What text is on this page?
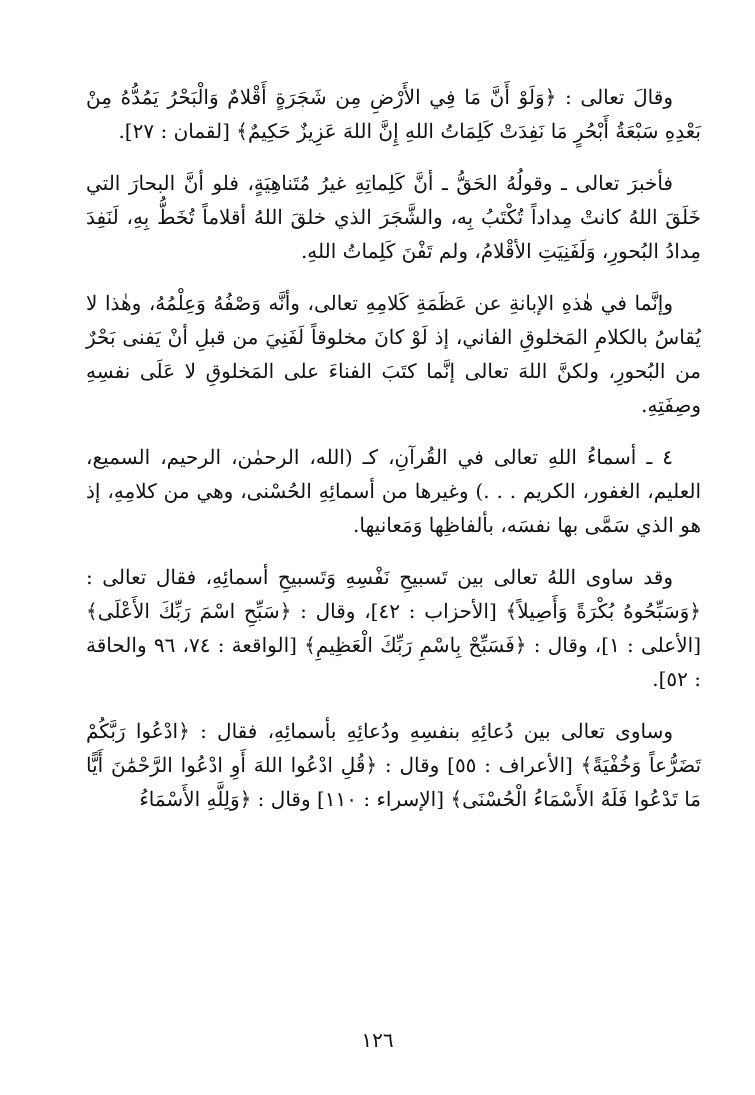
وقالَ تعالى : ﴿وَلَوْ أَنَّ مَا فِي الأَرْضِ مِن شَجَرَةٍ أَقْلامٌ وَالْبَحْرُ يَمُدُّهُ مِنْ بَعْدِهِ سَبْعَةُ أَبْحُرٍ مَا نَفِدَتْ كَلِمَاتُ اللهِ إِنَّ اللهَ عَزِيزٌ حَكِيمٌ﴾ [لقمان : ٢٧].

فأخبرَ تعالى ـ وقولُهُ الحَقُّ ـ أنَّ كَلِماتِهِ غيرُ مُتَناهِيَةٍ، فلو أنَّ البحارَ التي خَلَقَ اللهُ كانتْ مِداداً تُكْتَبُ بِه، والشَّجَرَ الذي خلقَ اللهُ أقلاماً تُخَطُّ بِهِ، لَنَفِدَ مِدادُ البُحورِ، وَلَفَنِيَتِ الأقْلامُ، ولم تَفْنَ كَلِماتُ اللهِ.

وإنَّما في هٰذهِ الإبانةِ عن عَظَمَةِ كَلامِهِ تعالى، وأنَّه وَصْفُهُ وَعِلْمُهُ، وهٰذا لا يُقاسُ بالكلامِ المَخلوقِ الفاني، إذ لَوْ كانَ مخلوقاً لَفَنِيَ من قبلِ أنْ يَفنى بَحْرٌ من البُحورِ، ولكنَّ اللهَ تعالى إنَّما كتَبَ الفناءَ على المَخلوقِ لا عَلَى نفسِهِ وصِفَتِهِ.

٤ ـ أسماءُ اللهِ تعالى في القُرآنِ، كـ (الله، الرحمٰن، الرحيم، السميع، العليم، الغفور، الكريم . . .) وغيرها من أسمائِهِ الحُسْنى، وهي من كلامِهِ، إذ هو الذي سَمَّى بها نفسَه، بألفاظِها وَمَعانيها.

وقد ساوى اللهُ تعالى بين تَسبيحِ نَفْسِهِ وَتَسبيحِ أسمائِهِ، فقال تعالى : ﴿وَسَبِّحُوهُ بُكْرَةً وَأَصِيلاً﴾ [الأحزاب : ٤٢]، وقال : ﴿سَبِّحِ اسْمَ رَبِّكَ الأَعْلَى﴾ [الأعلى : ١]، وقال : ﴿فَسَبِّحْ بِاسْمِ رَبِّكَ الْعَظِيمِ﴾ [الواقعة : ٧٤، ٩٦ والحاقة : ٥٢].

وساوى تعالى بين دُعائِهِ بنفسِهِ ودُعائِهِ بأسمائِهِ، فقال : ﴿ادْعُوا رَبَّكُمْ تَضَرُّعاً وَخُفْيَةً﴾ [الأعراف : ٥٥] وقال : ﴿قُلِ ادْعُوا اللهَ أَوِ ادْعُوا الرَّحْمَٰنَ أَيًّا مَا تَدْعُوا فَلَهُ الأَسْمَاءُ الْحُسْنَى﴾ [الإسراء : ١١٠] وقال : ﴿وَلِلَّهِ الأَسْمَاءُ

١٢٦
